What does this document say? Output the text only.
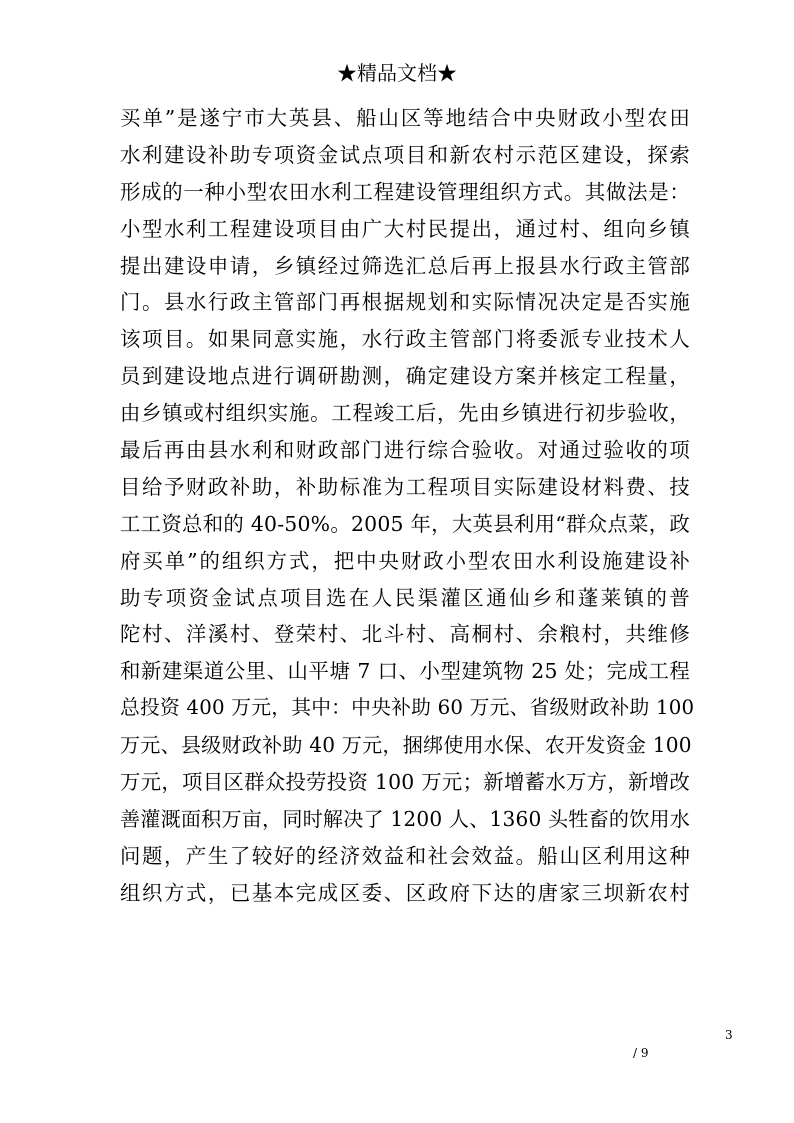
★精品文档★
买单”是遂宁市大英县、船山区等地结合中央财政小型农田
水利建设补助专项资金试点项目和新农村示范区建设，探索
形成的一种小型农田水利工程建设管理组织方式。其做法是：
小型水利工程建设项目由广大村民提出，通过村、组向乡镇
提出建设申请，乡镇经过筛选汇总后再上报县水行政主管部
门。县水行政主管部门再根据规划和实际情况决定是否实施
该项目。如果同意实施，水行政主管部门将委派专业技术人
员到建设地点进行调研勘测，确定建设方案并核定工程量，
由乡镇或村组织实施。工程竣工后，先由乡镇进行初步验收，
最后再由县水利和财政部门进行综合验收。对通过验收的项
目给予财政补助，补助标准为工程项目实际建设材料费、技
工工资总和的 40-50%。2005 年，大英县利用“群众点菜，政
府买单”的组织方式，把中央财政小型农田水利设施建设补
助专项资金试点项目选在人民渠灌区通仙乡和蓬莱镇的普
陀村、洋溪村、登荣村、北斗村、高桐村、余粮村，共维修
和新建渠道公里、山平塘 7 口、小型建筑物 25 处；完成工程
总投资 400 万元，其中：中央补助 60 万元、省级财政补助 100
万元、县级财政补助 40 万元，捆绑使用水保、农开发资金 100
万元，项目区群众投劳投资 100 万元；新增蓄水万方，新增改
善灌溉面积万亩，同时解决了 1200 人、1360 头牲畜的饮用水
问题，产生了较好的经济效益和社会效益。船山区利用这种
组织方式，已基本完成区委、区政府下达的唐家三坝新农村
3
/ 9
